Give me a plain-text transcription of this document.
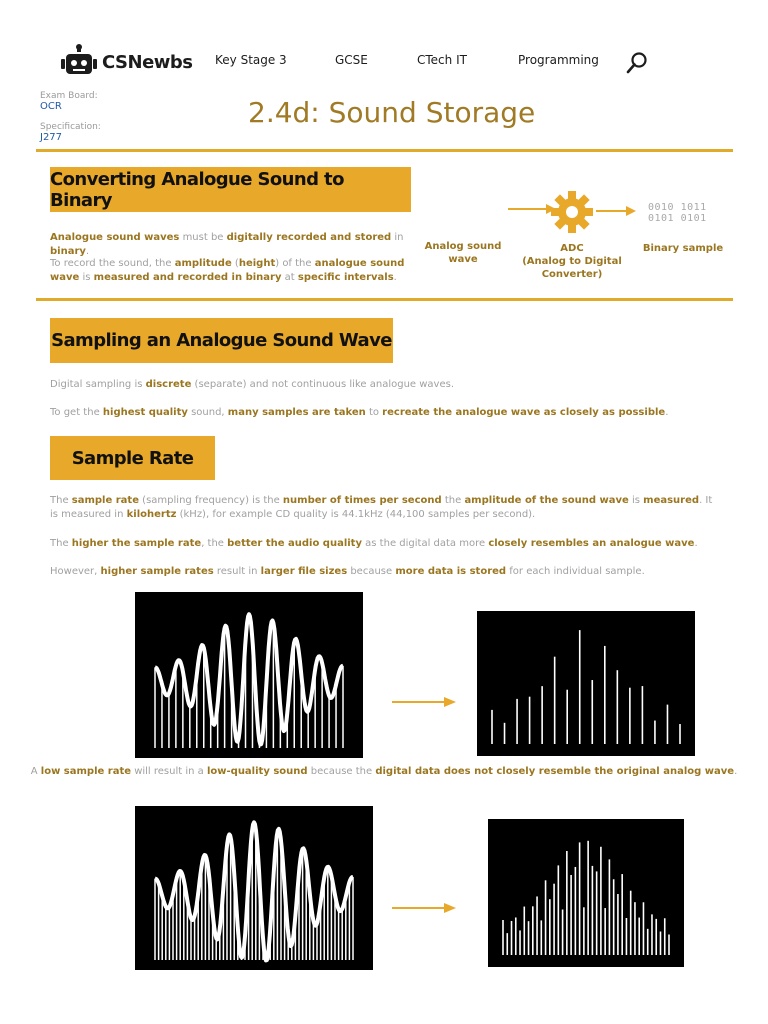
CSNewbs Key Stage 3	GCSE	CTech IT	Programming
Exam Board:
OCR
Specification:
J277
2.4d: Sound Storage
Converting Analogue Sound to Binary
Analogue sound waves must be digitally recorded and stored in binary.
To record the sound, the amplitude (height) of the analogue sound wave is measured and recorded in binary at specific intervals.
0010 1011 0101 0101
Analog sound wave
ADC
(Analog to Digital Converter)
Binary sample
Sampling an Analogue Sound Wave
Digital sampling is discrete (separate) and not continuous like analogue waves.
To get the highest quality sound, many samples are taken to recreate the analogue wave as closely as possible.
Sample Rate
The sample rate (sampling frequency) is the number of times per second the amplitude of the sound wave is measured. It is measured in kilohertz (kHz), for example CD quality is 44.1kHz (44,100 samples per second).
The higher the sample rate, the better the audio quality as the digital data more closely resembles an analogue wave.
However, higher sample rates result in larger file sizes because more data is stored for each individual sample.
A low sample rate will result in a low-quality sound because the digital data does not closely resemble the original analog wave.
